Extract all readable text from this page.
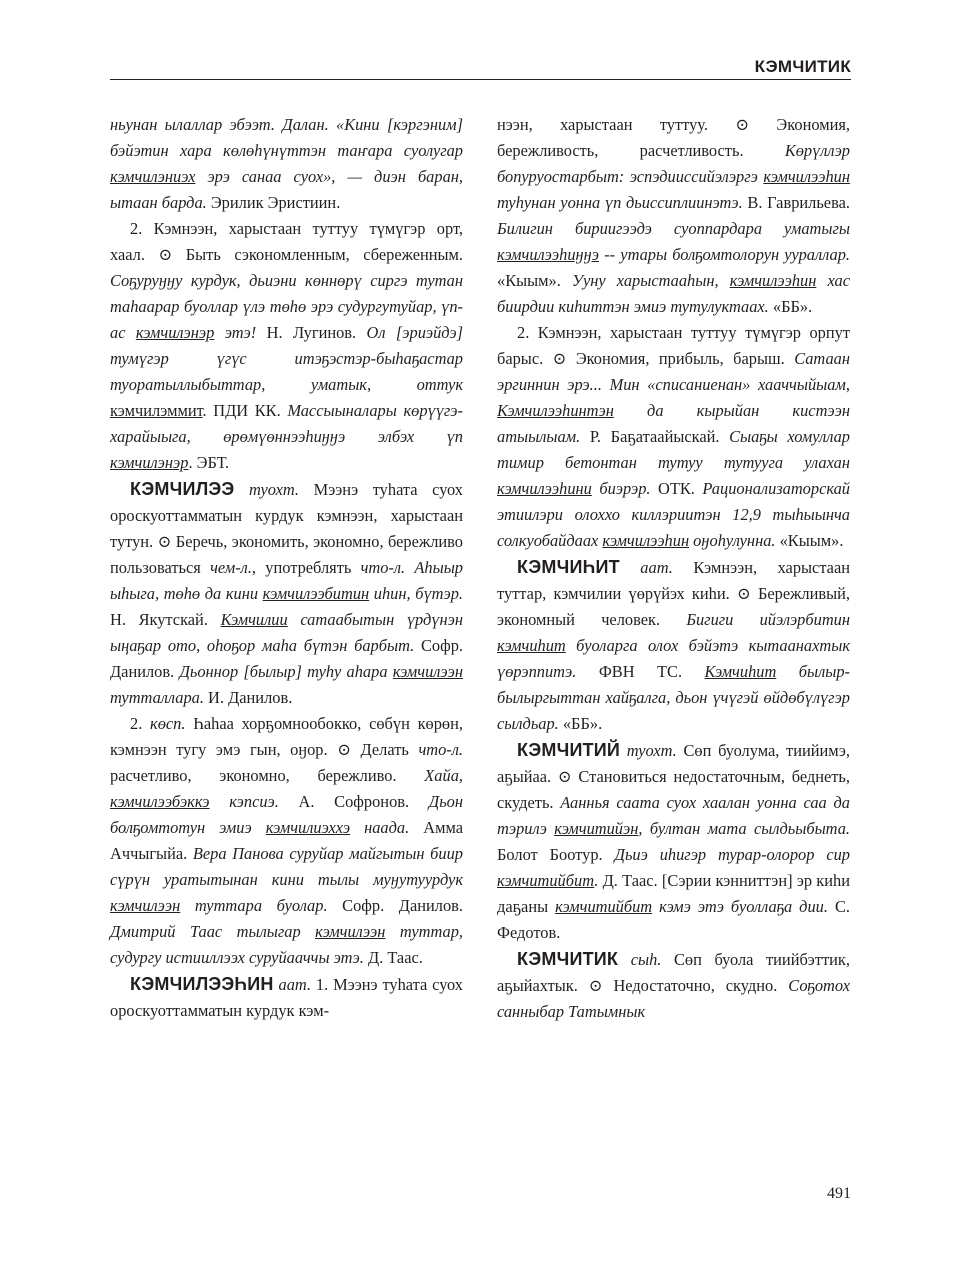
КЭМЧИТИК

ньунан ылаллар эбээт. Далан. «Кини [кэргэним] бэйэтин хара көлөһүнүттэн таҥара суолугар кэмчилэниэх эрэ санаа суох», — диэн баран, ытаан барда. Эрилик Эристиин.

2. Кэмнээн, харыстаан туттуу түмүгэр орт, хаал. ⊙ Быть сэкономленным, сбереженным. Соҕуруӈӈу курдук, дьиэни көннөрү сиргэ тутан таһаарар буоллар үлэ төһө эрэ судургутуйар, үп-ас кэмчилэнэр этэ! Н. Лугинов. Ол [эриэйдэ] тумүгэр үгүс итэҕэстэр-быһаҕастар туоратыллыбыттар, уматык, оттук кэмчилэммит. ПДИ КК. Массыыналары көрүүгэ-харайыыга, өрөмүөннээһиӈӈэ элбэх үп кэмчилэнэр. ЭБТ.

КЭМЧИЛЭЭ туохт. Мээнэ туһата суох ороскуоттамматын курдук кэмнээн, харыстаан тутун. ⊙ Беречь, экономить, экономно, бережливо пользоваться чем-л., употреблять что-л. Аһыыр ыһыга, төһө да кини кэмчилээбитин иһин, бүтэр. Н. Якутскай. Кэмчилии сатаабытын үрдүнэн ыңаҕар ото, оһоҕор маһа бүтэн барбыт. Софр. Данилов. Дьоннор [былыр] туһу аһара кэмчилээн тутталлара. И. Данилов.

2. көсп. Һаһаа хорҕомнообокко, сөбүн көрөн, кэмнээн тугу эмэ гын, оӈор. ⊙ Делать что-л. расчетливо, экономно, бережливо. Хайа, кэмчилээбэккэ кэпсиэ. А. Софронов. Дьон болҕомтотун эмиэ кэмчилиэххэ наада. Амма Аччыгыйа. Вера Панова суруйар майгытын биир сүрүн уратытынан кини тылы муӈутуурдук кэмчилээн туттара буолар. Софр. Данилов. Дмитрий Таас тылыгар кэмчилээн туттар, судургу истииллээх суруйааччы этэ. Д. Таас.

КЭМЧИЛЭЭҺИН аат. 1. Мээнэ туһата суох ороскуоттамматын курдук кэм-

нээн, харыстаан туттуу. ⊙ Экономия, бережливость, расчетливость. Көрүллэр бопуруостарбыт: эспэдииссийэлэргэ кэмчилээһин туһунан уонна үп дьиссиплиинэтэ. В. Гаврильева. Билигин бириигээдэ суоппардара уматыгы кэмчилээһиӈӈэ -- утары болҕомтолорун уураллар. «Кыым». Ууну харыстааһын, кэмчилээһин хас биирдии киһиттэн эмиэ тутулуктаах. «ББ».

2. Кэмнээн, харыстаан туттуу түмүгэр орпут барыс. ⊙ Экономия, прибыль, барыш. Сатаан эргиннин эрэ... Мин «списаниенан» хааччыйыам, Кэмчилээһинтэн да кырыйан кистээн атыылыам. Р. Баҕатаайыскай. Сыаҕы хомуллар тимир бетонтан тутуу тутууга улахан кэмчилээһини биэрэр. ОТК. Рационализаторскай этиилэри олоххо киллэриитэн 12,9 тыһыынча солкуобайдаах кэмчилээһин оӈоһулунна. «Кыым».

КЭМЧИҺИТ аат. Кэмнээн, харыстаан туттар, кэмчилии үөрүйэх киһи. ⊙ Бережливый, экономный человек. Бигиги ийэлэрбитин кэмчиһит буоларга олох бэйэтэ кытаанахтык үөрэппитэ. ФВН ТС. Кэмчиһит былыр-былыргыттан хайҕалга, дьон үчүгэй өйдөбүлүгэр сылдьар. «ББ».

КЭМЧИТИЙ туохт. Сөп буолума, тиийимэ, аҕыйаа. ⊙ Становиться недостаточным, беднеть, скудеть. Ааннья саата суох хаалан уонна саа да тэрилэ кэмчитийэн, бултан мата сылдьыбыта. Болот Боотур. Дьиэ иһигэр турар-олорор сир кэмчитийбит. Д. Таас. [Сэрии кэнниттэн] эр киһи даҕаны кэмчитийбит кэмэ этэ буоллаҕа дии. С. Федотов.

КЭМЧИТИК сыһ. Сөп буола тиийбэттик, аҕыйахтык. ⊙ Недостаточно, скудно. Соҕотох санныбар Татымнык

491
